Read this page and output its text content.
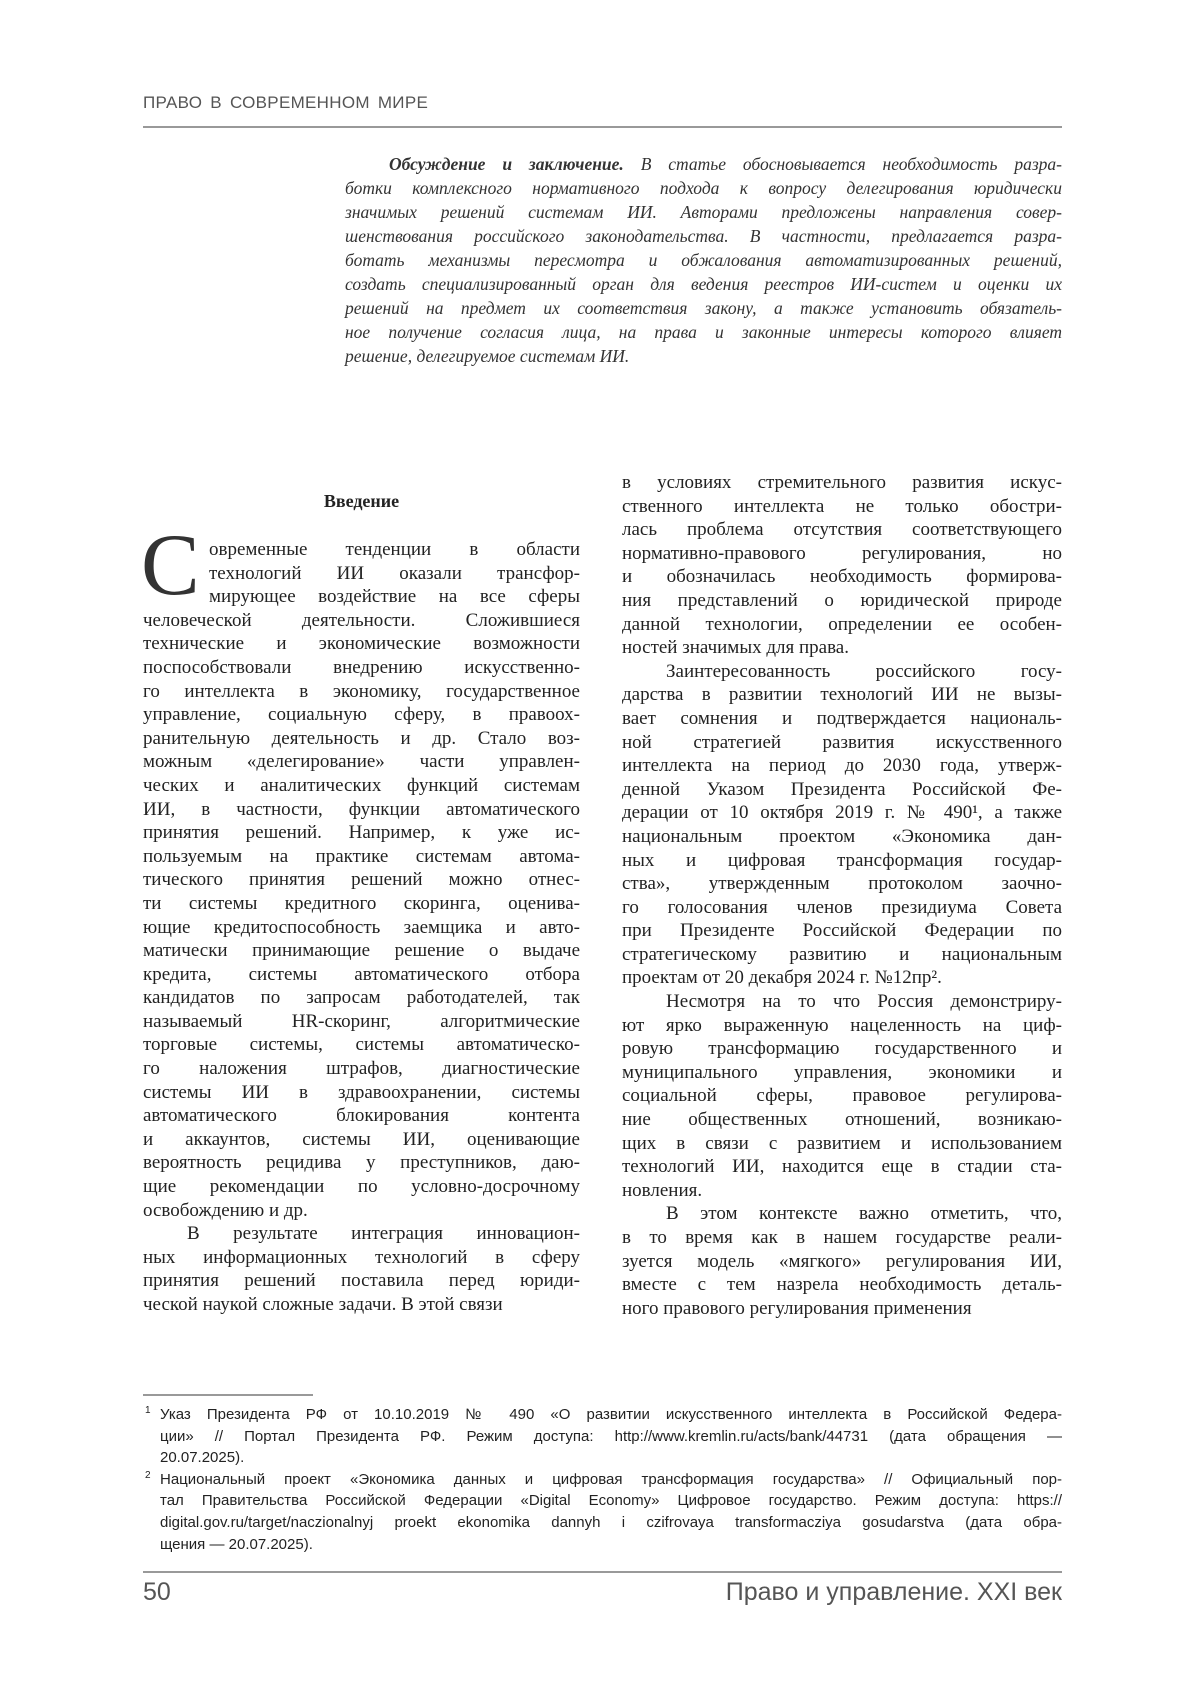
ПРАВО В СОВРЕМЕННОМ МИРЕ
Обсуждение и заключение. В статье обосновывается необходимость разра-
ботки комплексного нормативного подхода к вопросу делегирования юридически
значимых решений системам ИИ. Авторами предложены направления совер-
шенствования российского законодательства. В частности, предлагается разра-
ботать механизмы пересмотра и обжалования автоматизированных решений,
создать специализированный орган для ведения реестров ИИ-систем и оценки их
решений на предмет их соответствия закону, а также установить обязатель-
ное получение согласия лица, на права и законные интересы которого влияет
решение, делегируемое системам ИИ.
Введение
С овременные тенденции в области
технологий ИИ оказали трансфор-
мирующее воздействие на все сферы
человеческой деятельности. Сложившиеся
технические и экономические возможности
поспособствовали внедрению искусственно-
го интеллекта в экономику, государственное
управление, социальную сферу, в правоох-
ранительную деятельность и др. Стало воз-
можным «делегирование» части управлен-
ческих и аналитических функций системам
ИИ, в частности, функции автоматического
принятия решений. Например, к уже ис-
пользуемым на практике системам автома-
тического принятия решений можно отнес-
ти системы кредитного скоринга, оценива-
ющие кредитоспособность заемщика и авто-
матически принимающие решение о выдаче
кредита, системы автоматического отбора
кандидатов по запросам работодателей, так
называемый HR-скоринг, алгоритмические
торговые системы, системы автоматическо-
го наложения штрафов, диагностические
системы ИИ в здравоохранении, системы
автоматического блокирования контента
и аккаунтов, системы ИИ, оценивающие
вероятность рецидива у преступников, даю-
щие рекомендации по условно-досрочному
освобождению и др.
В результате интеграция инновацион-
ных информационных технологий в сферу
принятия решений поставила перед юриди-
ческой наукой сложные задачи. В этой связи
в условиях стремительного развития искус-
ственного интеллекта не только обостри-
лась проблема отсутствия соответствующего
нормативно-правового регулирования, но
и обозначилась необходимость формирова-
ния представлений о юридической природе
данной технологии, определении ее особен-
ностей значимых для права.
Заинтересованность российского госу-
дарства в развитии технологий ИИ не вызы-
вает сомнения и подтверждается националь-
ной стратегией развития искусственного
интеллекта на период до 2030 года, утверж-
денной Указом Президента Российской Фе-
дерации от 10 октября 2019 г. № 490¹, а также
национальным проектом «Экономика дан-
ных и цифровая трансформация государ-
ства», утвержденным протоколом заочно-
го голосования членов президиума Совета
при Президенте Российской Федерации по
стратегическому развитию и национальным
проектам от 20 декабря 2024 г. №12пр².
Несмотря на то что Россия демонстриру-
ют ярко выраженную нацеленность на циф-
ровую трансформацию государственного и
муниципального управления, экономики и
социальной сферы, правовое регулирова-
ние общественных отношений, возникаю-
щих в связи с развитием и использованием
технологий ИИ, находится еще в стадии ста-
новления.
В этом контексте важно отметить, что,
в то время как в нашем государстве реали-
зуется модель «мягкого» регулирования ИИ,
вместе с тем назрела необходимость деталь-
ного правового регулирования применения
1 Указ Президента РФ от 10.10.2019 № 490 «О развитии искусственного интеллекта в Российской Федера-
ции» // Портал Президента РФ. Режим доступа: http://www.kremlin.ru/acts/bank/44731 (дата обращения —
20.07.2025).
2 Национальный проект «Экономика данных и цифровая трансформация государства» // Официальный пор-
тал Правительства Российской Федерации «Digital Economy» Цифровое государство. Режим доступа: https://
digital.gov.ru/target/naczionalnyj proekt ekonomika dannyh i czifrovaya transformacziya gosudarstva (дата обра-
щения — 20.07.2025).
50	Право и управление. XXI век
